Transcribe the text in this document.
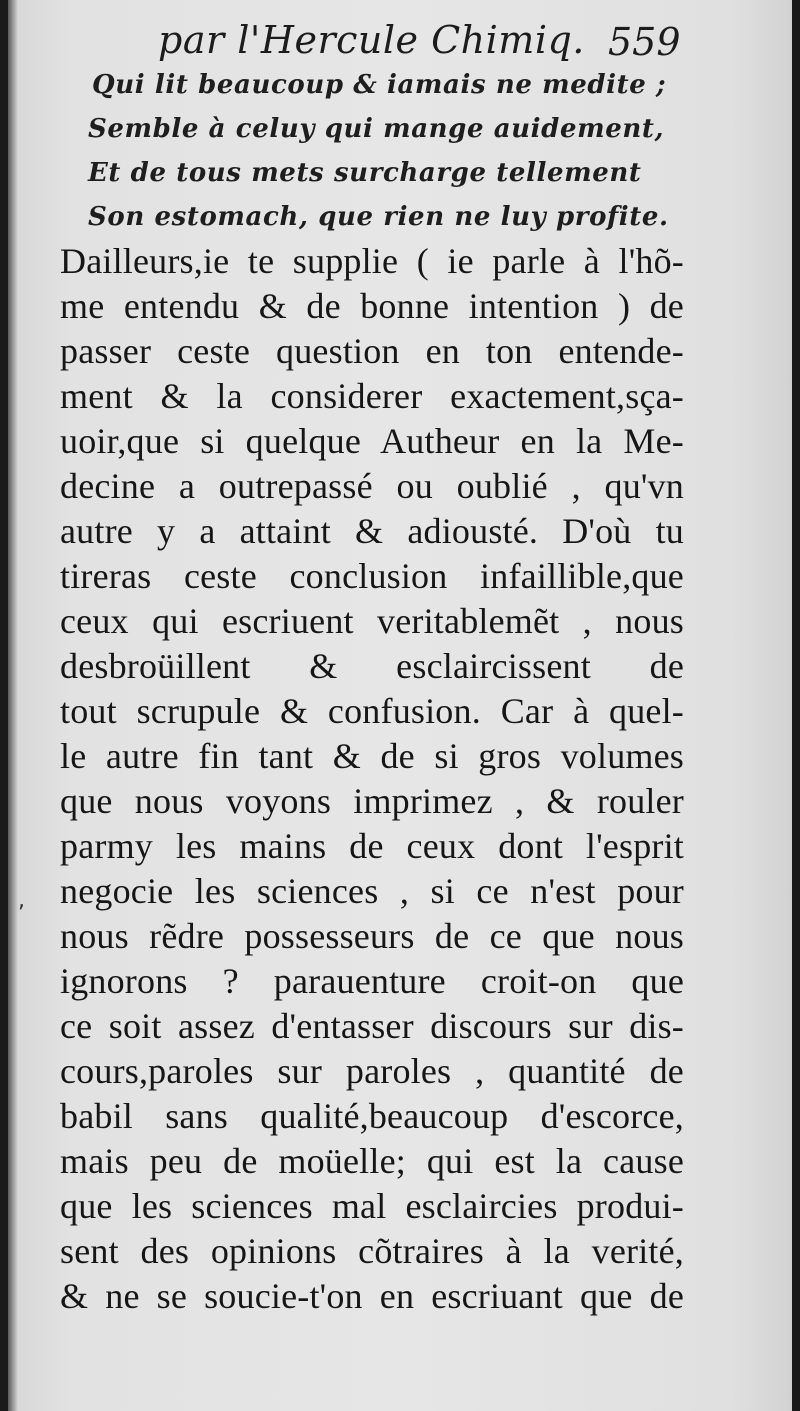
par l'Hercule Chimiq. 559
Qui lit beaucoup & iamais ne medite ;
Semble à celuy qui mange auidement,
Et de tous mets surcharge tellement
Son estomach, que rien ne luy profite.
,
Dailleurs,ie te supplie ( ie parle à l'hõ-
me entendu & de bonne intention ) de
passer ceste question en ton entende-
ment & la considerer exactement,sça-
uoir,que si quelque Autheur en la Me-
decine a outrepassé ou oublié , qu'vn
autre y a attaint & adiousté. D'où tu
tireras ceste conclusion infaillible,que
ceux qui escriuent veritablemẽt , nous
desbroüillent & esclaircissent de
tout scrupule & confusion. Car à quel-
le autre fin tant & de si gros volumes
que nous voyons imprimez , & rouler
parmy les mains de ceux dont l'esprit
negocie les sciences , si ce n'est pour
nous rẽdre possesseurs de ce que nous
ignorons ? parauenture croit-on que
ce soit assez d'entasser discours sur dis-
cours,paroles sur paroles , quantité de
babil sans qualité,beaucoup d'escorce,
mais peu de moüelle; qui est la cause
que les sciences mal esclaircies produi-
sent des opinions cõtraires à la verité,
& ne se soucie-t'on en escriuant que de
